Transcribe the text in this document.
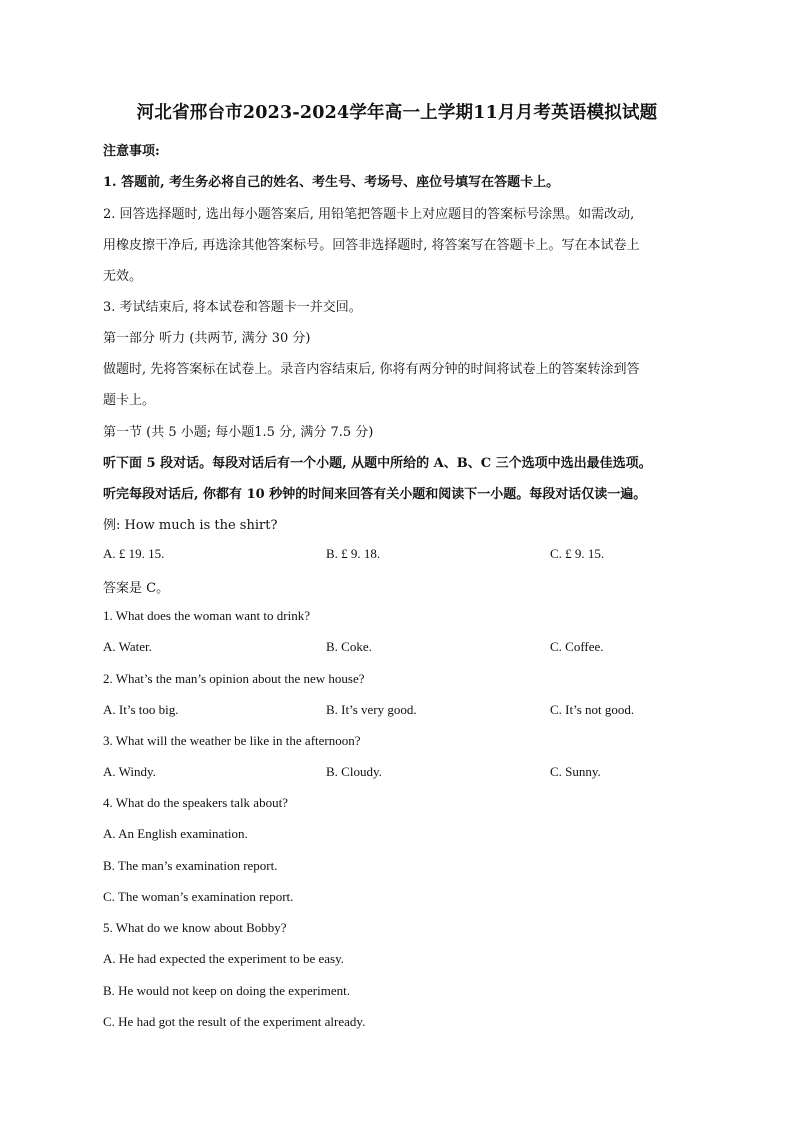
河北省邢台市2023-2024学年高一上学期11月月考英语模拟试题
注意事项:
1. 答题前, 考生务必将自己的姓名、考生号、考场号、座位号填写在答题卡上。
2. 回答选择题时, 选出每小题答案后, 用铅笔把答题卡上对应题目的答案标号涂黑。如需改动,
用橡皮擦干净后, 再选涂其他答案标号。回答非选择题时, 将答案写在答题卡上。写在本试卷上
无效。
3. 考试结束后, 将本试卷和答题卡一并交回。
第一部分 听力 (共两节, 满分 30 分)
做题时, 先将答案标在试卷上。录音内容结束后, 你将有两分钟的时间将试卷上的答案转涂到答
题卡上。
第一节 (共 5 小题; 每小题1.5 分, 满分 7.5 分)
听下面 5 段对话。每段对话后有一个小题, 从题中所给的 A、B、C 三个选项中选出最佳选项。
听完每段对话后, 你都有 10 秒钟的时间来回答有关小题和阅读下一小题。每段对话仅读一遍。
例: How much is the shirt?
A. £ 19. 15.	B. £ 9. 18.	C. £ 9. 15.
答案是 C。
1. What does the woman want to drink?
A. Water.	B. Coke.	C. Coffee.
2. What’s the man’s opinion about the new house?
A. It’s too big.	B. It’s very good.	C. It’s not good.
3. What will the weather be like in the afternoon?
A. Windy.	B. Cloudy.	C. Sunny.
4. What do the speakers talk about?
A. An English examination.
B. The man’s examination report.
C. The woman’s examination report.
5. What do we know about Bobby?
A. He had expected the experiment to be easy.
B. He would not keep on doing the experiment.
C. He had got the result of the experiment already.
